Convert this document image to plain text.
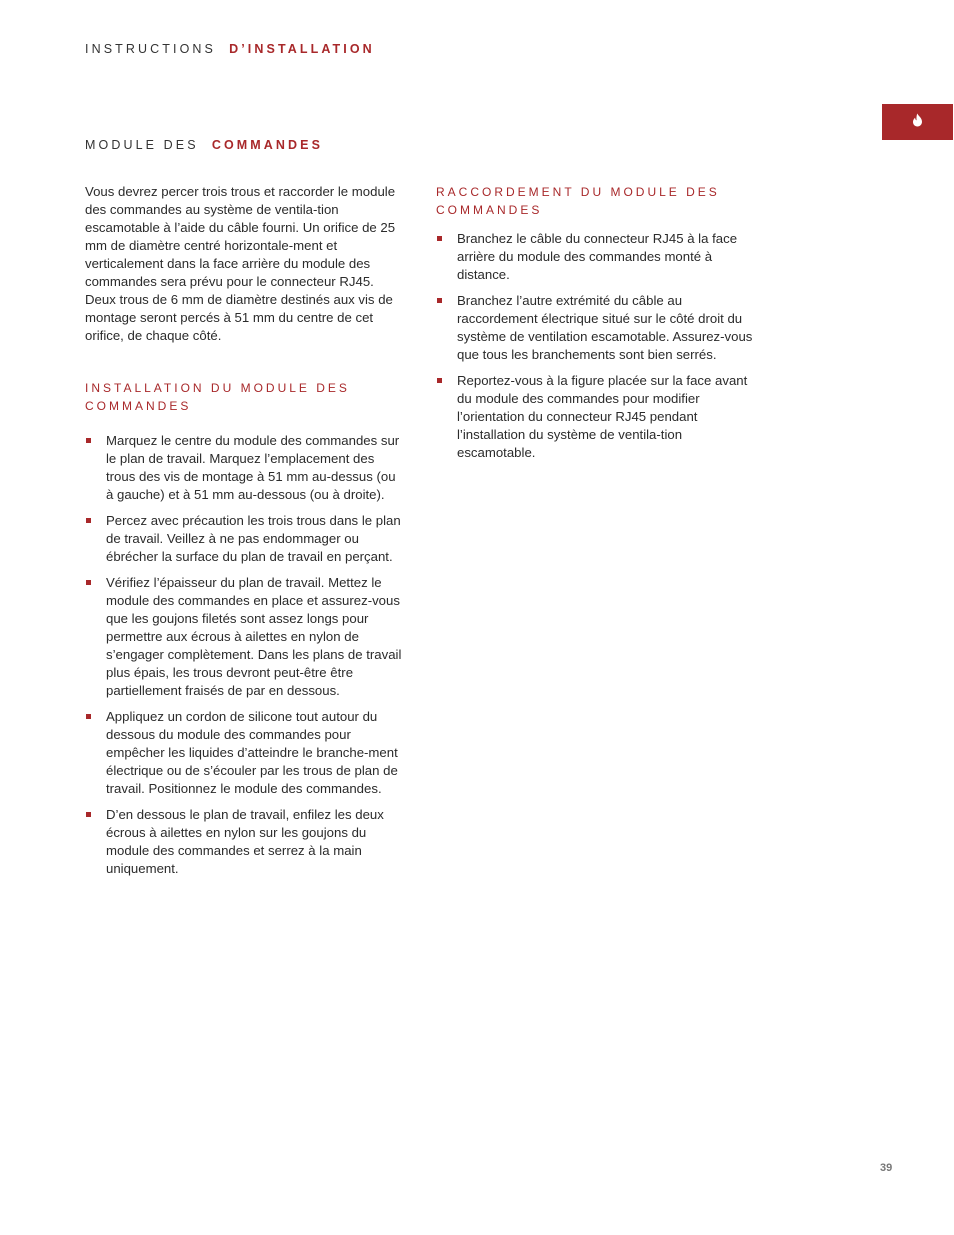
INSTRUCTIONS D’INSTALLATION
MODULE DES COMMANDES

Vous devrez percer trois trous et raccorder le module des commandes au système de ventila-tion escamotable à l’aide du câble fourni. Un orifice de 25 mm de diamètre centré horizontale-ment et verticalement dans la face arrière du module des commandes sera prévu pour le connecteur RJ45. Deux trous de 6 mm de diamètre destinés aux vis de montage seront percés à 51 mm du centre de cet orifice, de chaque côté.

INSTALLATION DU MODULE DES COMMANDES
Marquez le centre du module des commandes sur le plan de travail. Marquez l’emplacement des trous des vis de montage à 51 mm au-dessus (ou à gauche) et à 51 mm au-dessous (ou à droite).
Percez avec précaution les trois trous dans le plan de travail. Veillez à ne pas endommager ou ébrécher la surface du plan de travail en perçant.
Vérifiez l’épaisseur du plan de travail. Mettez le module des commandes en place et assurez-vous que les goujons filetés sont assez longs pour permettre aux écrous à ailettes en nylon de s’engager complètement. Dans les plans de travail plus épais, les trous devront peut-être être partiellement fraisés de par en dessous.
Appliquez un cordon de silicone tout autour du dessous du module des commandes pour empêcher les liquides d’atteindre le branche-ment électrique ou de s’écouler par les trous de plan de travail. Positionnez le module des commandes.
D’en dessous le plan de travail, enfilez les deux écrous à ailettes en nylon sur les goujons du module des commandes et serrez à la main uniquement.
RACCORDEMENT DU MODULE DES COMMANDES
Branchez le câble du connecteur RJ45 à la face arrière du module des commandes monté à distance.
Branchez l’autre extrémité du câble au raccordement électrique situé sur le côté droit du système de ventilation escamotable. Assurez-vous que tous les branchements sont bien serrés.
Reportez-vous à la figure placée sur la face avant du module des commandes pour modifier l’orientation du connecteur RJ45 pendant l’installation du système de ventila-tion escamotable.
39
